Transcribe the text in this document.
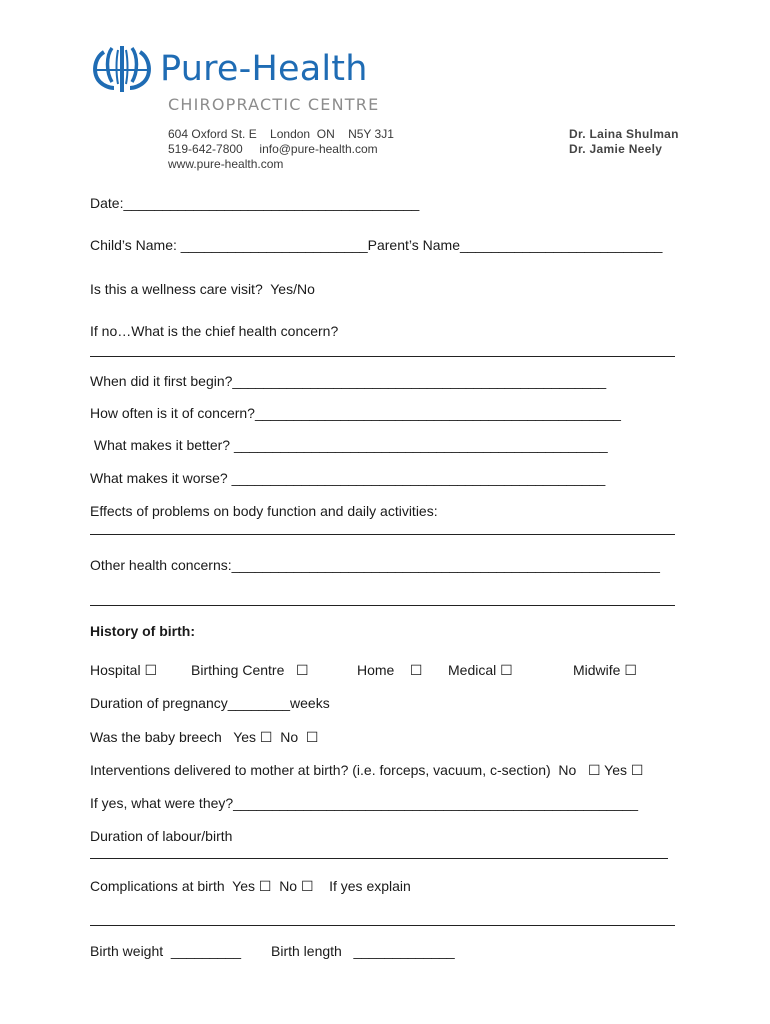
Pure-Health
CHIROPRACTIC CENTRE
604 Oxford St. E    London  ON    N5Y 3J1
519-642-7800     info@pure-health.com
www.pure-health.com
Dr. Laina Shulman
Dr. Jamie Neely
Date:______________________________________
Child’s Name: ________________________Parent’s Name__________________________
Is this a wellness care visit?  Yes/No
If no…What is the chief health concern?
When did it first begin?________________________________________________
How often is it of concern?_______________________________________________
What makes it better? ________________________________________________
What makes it worse? ________________________________________________
Effects of problems on body function and daily activities:
Other health concerns:_______________________________________________________
History of birth:
Hospital ☐ Birthing Centre   ☐	Home    ☐ Medical ☐	Midwife ☐
Duration of pregnancy________weeks
Was the baby breech   Yes ☐  No  ☐
Interventions delivered to mother at birth? (i.e. forceps, vacuum, c-section)  No   ☐ Yes ☐
If yes, what were they?____________________________________________________
Duration of labour/birth
Complications at birth  Yes ☐  No ☐    If yes explain
Birth weight  _________ Birth length   _____________
